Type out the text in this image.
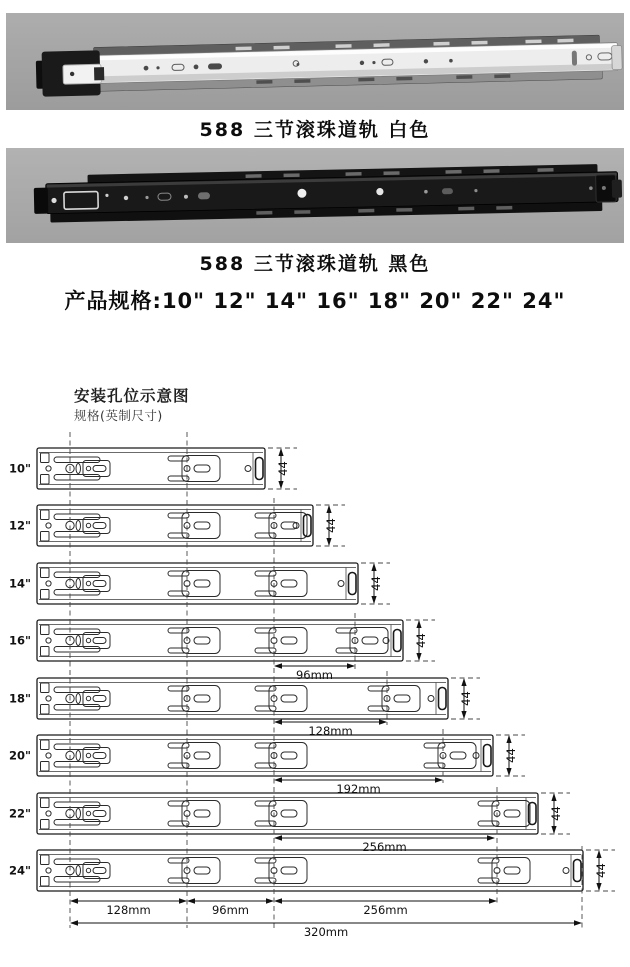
588 三节滚珠道轨 白色
588 三节滚珠道轨 黑色
产品规格:10" 12" 14" 16" 18" 20" 22" 24"
安装孔位示意图
规格(英制尺寸)
44
10"
44
12"
44
14"
44
16"
44
18"
44
20"
44
22"
44
24"
96mm
128mm
192mm
256mm
128mm	96mm	256mm
320mm
